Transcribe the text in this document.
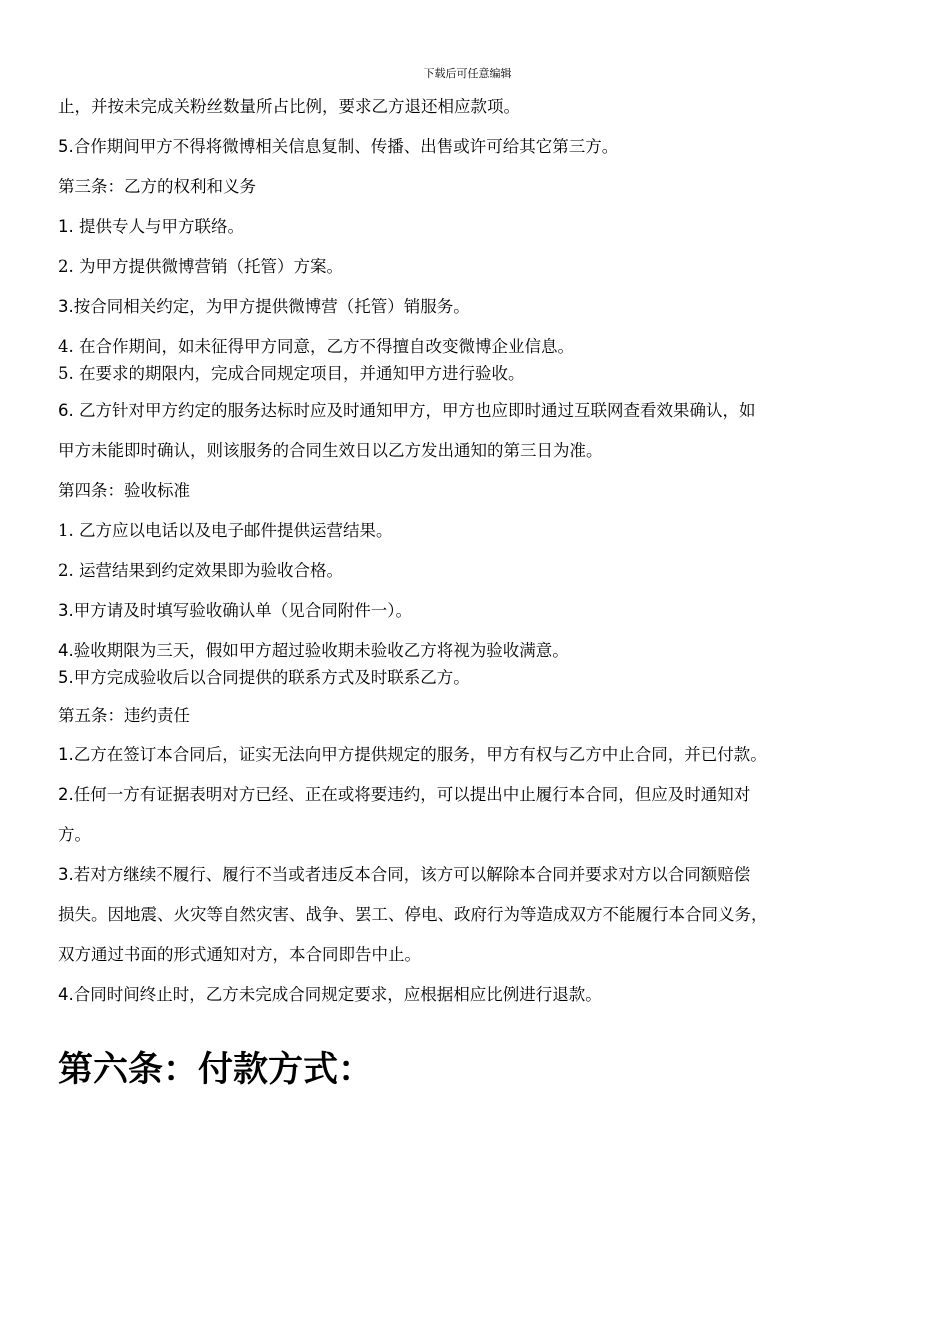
下载后可任意编辑
止，并按未完成关粉丝数量所占比例，要求乙方退还相应款项。
5.合作期间甲方不得将微博相关信息复制、传播、出售或许可给其它第三方。
第三条：乙方的权利和义务
1. 提供专人与甲方联络。
2. 为甲方提供微博营销（托管）方案。
3.按合同相关约定，为甲方提供微博营（托管）销服务。
4. 在合作期间，如未征得甲方同意，乙方不得擅自改变微博企业信息。
5. 在要求的期限内，完成合同规定项目，并通知甲方进行验收。
6. 乙方针对甲方约定的服务达标时应及时通知甲方，甲方也应即时通过互联网查看效果确认，如
甲方未能即时确认，则该服务的合同生效日以乙方发出通知的第三日为准。
第四条：验收标准
1. 乙方应以电话以及电子邮件提供运营结果。
2. 运营结果到约定效果即为验收合格。
3.甲方请及时填写验收确认单（见合同附件一）。
4.验收期限为三天，假如甲方超过验收期未验收乙方将视为验收满意。
5.甲方完成验收后以合同提供的联系方式及时联系乙方。
第五条：违约责任
1.乙方在签订本合同后，证实无法向甲方提供规定的服务，甲方有权与乙方中止合同，并已付款。
2.任何一方有证据表明对方已经、正在或将要违约，可以提出中止履行本合同，但应及时通知对
方。
3.若对方继续不履行、履行不当或者违反本合同，该方可以解除本合同并要求对方以合同额赔偿
损失。因地震、火灾等自然灾害、战争、罢工、停电、政府行为等造成双方不能履行本合同义务，
双方通过书面的形式通知对方，本合同即告中止。
4.合同时间终止时，乙方未完成合同规定要求，应根据相应比例进行退款。
第六条：付款方式：
